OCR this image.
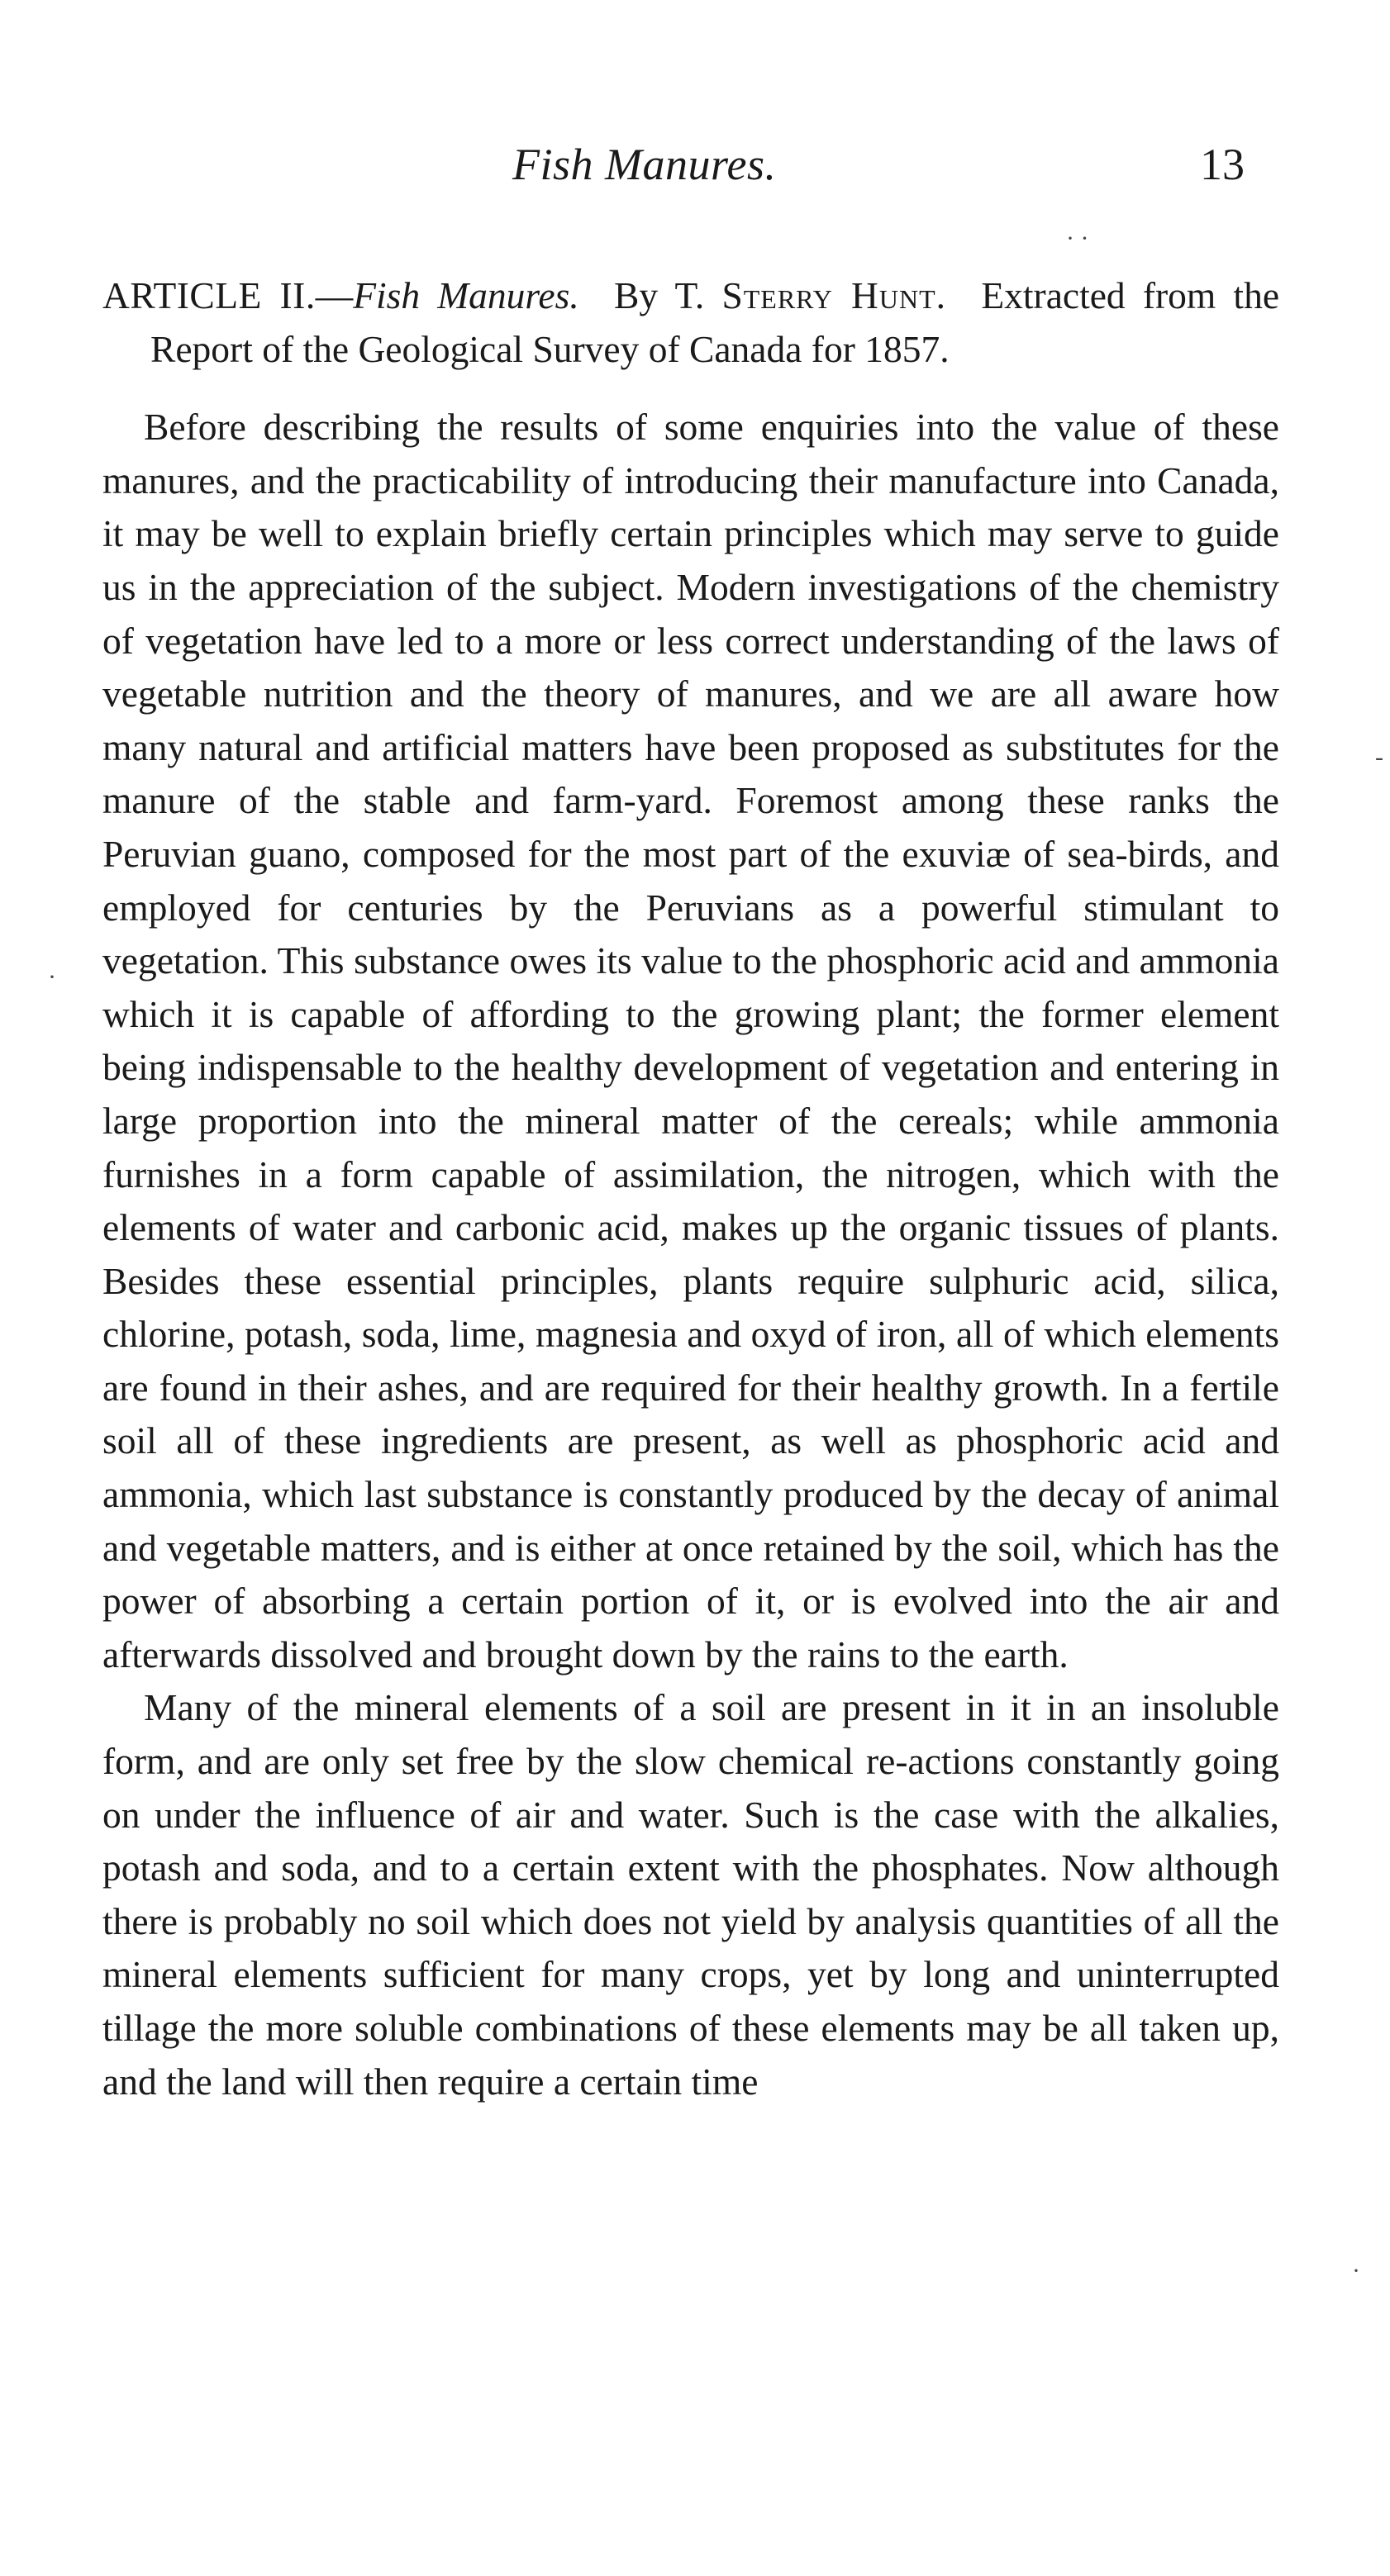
Fish Manures.	13
· ·
-
·
·

ARTICLE II.—Fish Manures. By T. Sterry Hunt. Extracted from the Report of the Geological Survey of Canada for 1857.

Before describing the results of some enquiries into the value of these manures, and the practicability of introducing their manufacture into Canada, it may be well to explain briefly certain principles which may serve to guide us in the appreciation of the subject. Modern investigations of the chemistry of vegetation have led to a more or less correct understanding of the laws of vegetable nutrition and the theory of manures, and we are all aware how many natural and artificial matters have been proposed as substitutes for the manure of the stable and farm-yard. Foremost among these ranks the Peruvian guano, composed for the most part of the exuviæ of sea-birds, and employed for centuries by the Peruvians as a powerful stimulant to vegetation. This substance owes its value to the phosphoric acid and ammonia which it is capable of affording to the growing plant; the former element being indispensable to the healthy development of vegetation and entering in large proportion into the mineral matter of the cereals; while ammonia furnishes in a form capable of assimilation, the nitrogen, which with the elements of water and carbonic acid, makes up the organic tissues of plants. Besides these essential principles, plants require sulphuric acid, silica, chlorine, potash, soda, lime, magnesia and oxyd of iron, all of which elements are found in their ashes, and are required for their healthy growth. In a fertile soil all of these ingredients are present, as well as phosphoric acid and ammonia, which last substance is constantly produced by the decay of animal and vegetable matters, and is either at once retained by the soil, which has the power of absorbing a certain portion of it, or is evolved into the air and afterwards dissolved and brought down by the rains to the earth.

Many of the mineral elements of a soil are present in it in an insoluble form, and are only set free by the slow chemical re-actions constantly going on under the influence of air and water. Such is the case with the alkalies, potash and soda, and to a certain extent with the phosphates. Now although there is probably no soil which does not yield by analysis quantities of all the mineral elements sufficient for many crops, yet by long and uninterrupted tillage the more soluble combinations of these elements may be all taken up, and the land will then require a certain time
